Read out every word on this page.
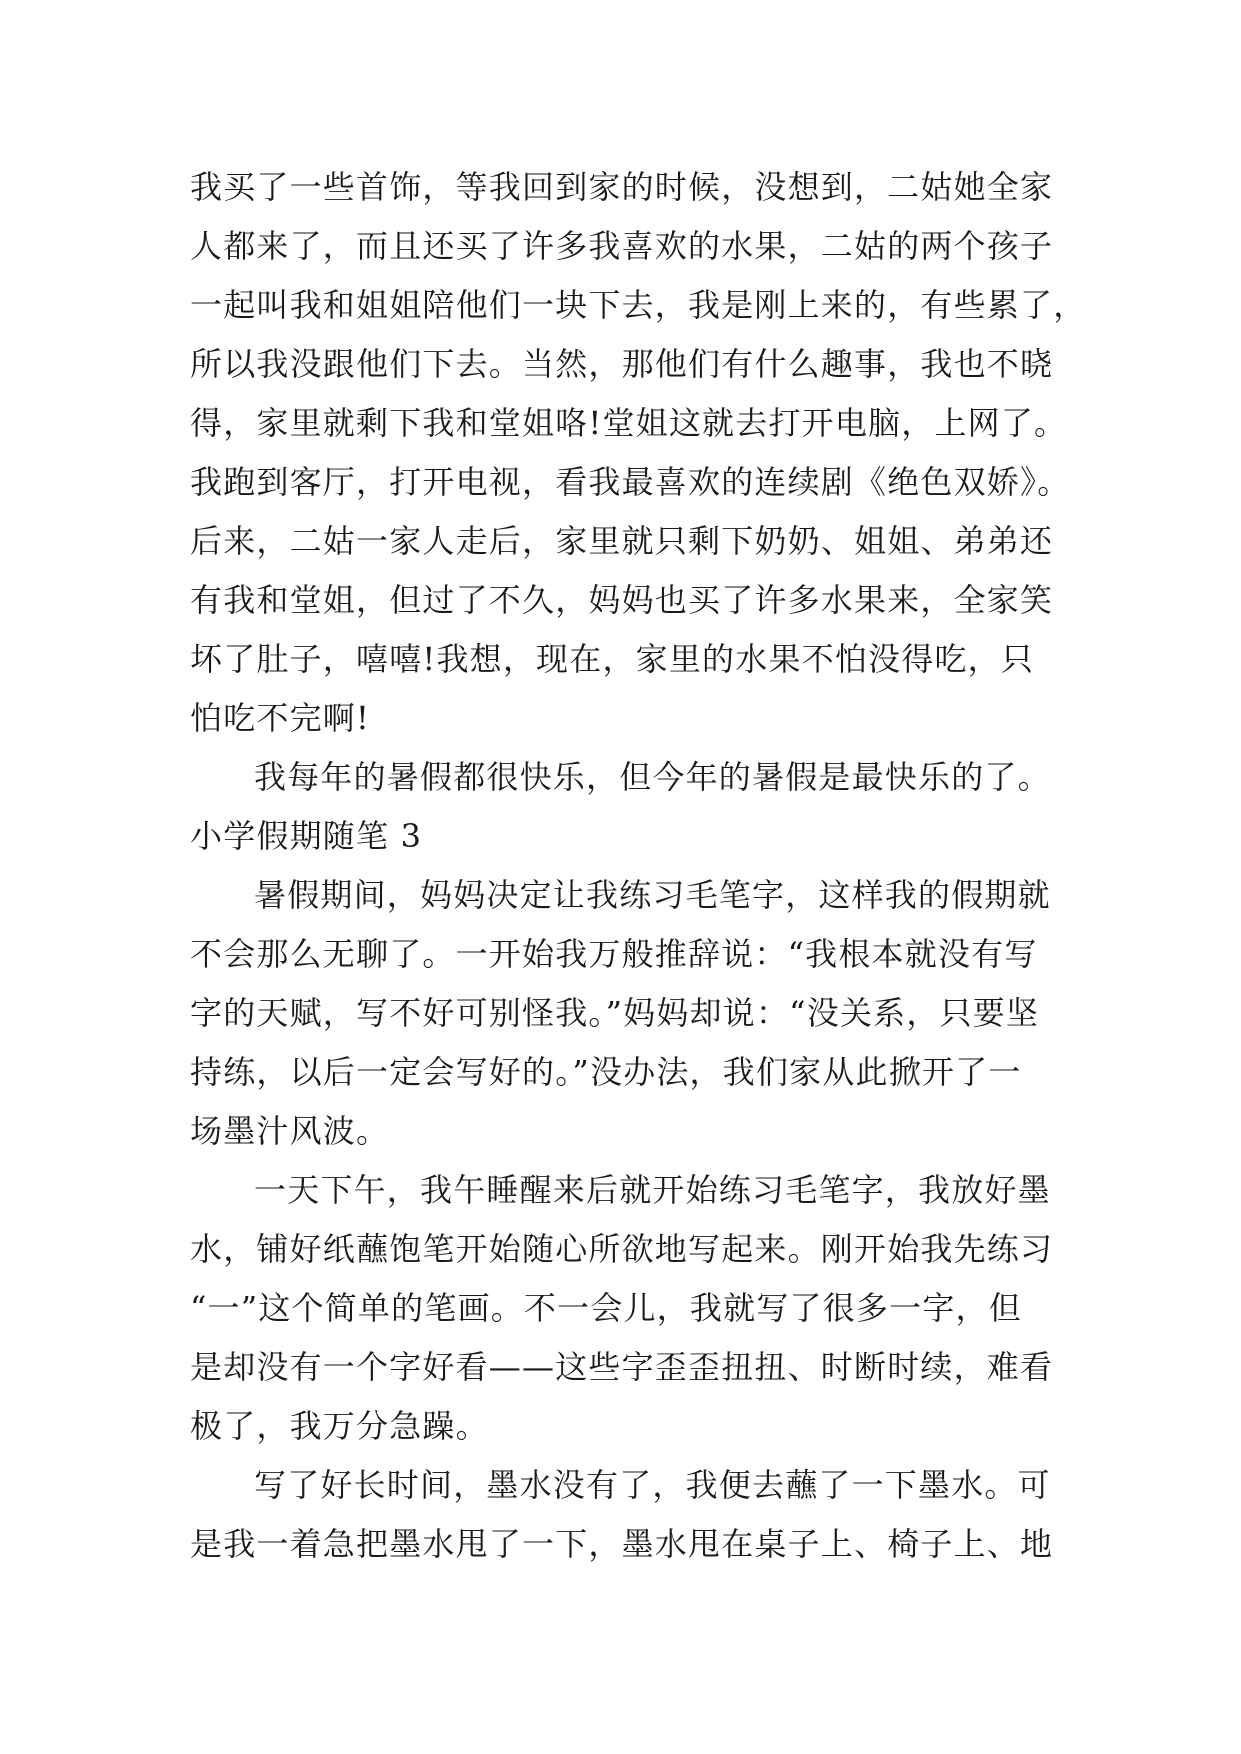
我买了一些首饰，等我回到家的时候，没想到，二姑她全家
人都来了，而且还买了许多我喜欢的水果，二姑的两个孩子
一起叫我和姐姐陪他们一块下去，我是刚上来的，有些累了，
所以我没跟他们下去。当然，那他们有什么趣事，我也不晓
得，家里就剩下我和堂姐咯!堂姐这就去打开电脑，上网了。
我跑到客厅，打开电视，看我最喜欢的连续剧《绝色双娇》。
后来，二姑一家人走后，家里就只剩下奶奶、姐姐、弟弟还
有我和堂姐，但过了不久，妈妈也买了许多水果来，全家笑
坏了肚子，嘻嘻!我想，现在，家里的水果不怕没得吃，只
怕吃不完啊!
我每年的暑假都很快乐，但今年的暑假是最快乐的了。
小学假期随笔 3
暑假期间，妈妈决定让我练习毛笔字，这样我的假期就
不会那么无聊了。一开始我万般推辞说：“我根本就没有写
字的天赋，写不好可别怪我。”妈妈却说：“没关系，只要坚
持练，以后一定会写好的。”没办法，我们家从此掀开了一
场墨汁风波。
一天下午，我午睡醒来后就开始练习毛笔字，我放好墨
水，铺好纸蘸饱笔开始随心所欲地写起来。刚开始我先练习
“一”这个简单的笔画。不一会儿，我就写了很多一字，但
是却没有一个字好看——这些字歪歪扭扭、时断时续，难看
极了，我万分急躁。
写了好长时间，墨水没有了，我便去蘸了一下墨水。可
是我一着急把墨水甩了一下，墨水甩在桌子上、椅子上、地
